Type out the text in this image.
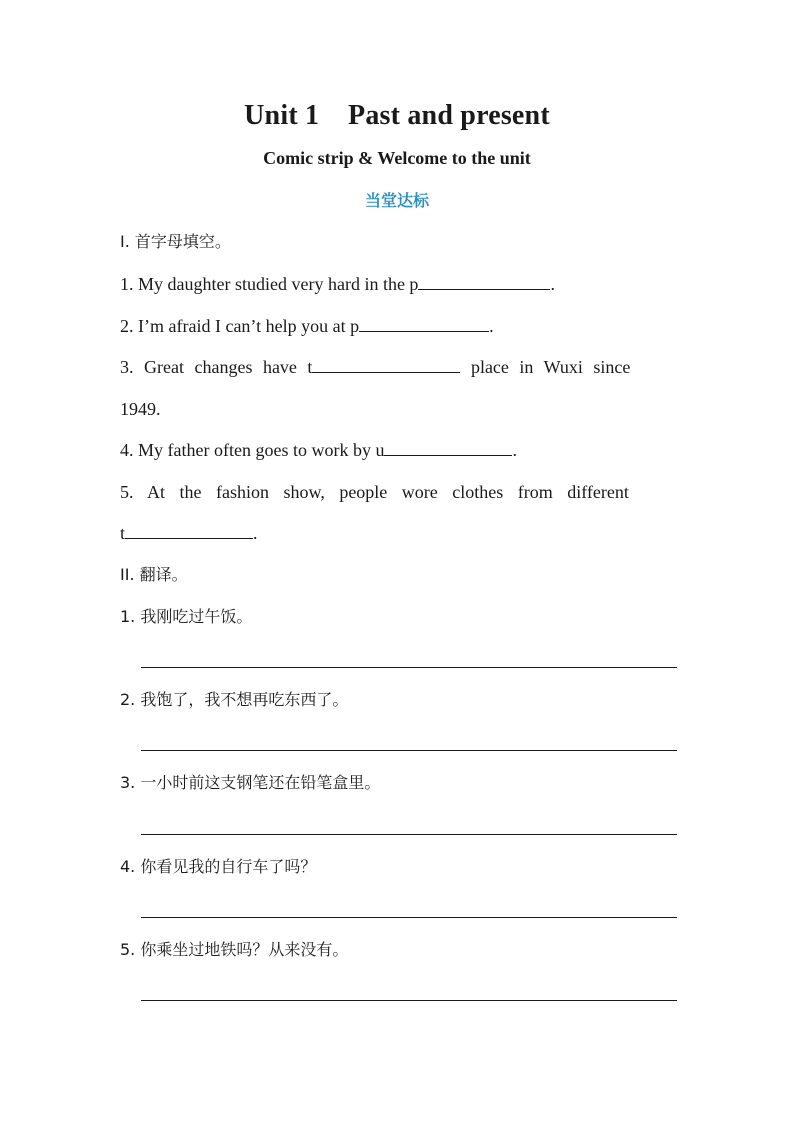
Unit 1    Past and present
Comic strip & Welcome to the unit
当堂达标
I. 首字母填空。
1. My daughter studied very hard in the p	.
2. I’m afraid I can’t help you at p	.
3. Great changes have t	place in Wuxi since
1949.
4. My father often goes to work by u	.
5. At the fashion show, people wore clothes from different
t	.
II. 翻译。
1. 我刚吃过午饭。
2. 我饱了，我不想再吃东西了。
3. 一小时前这支钢笔还在铅笔盒里。
4. 你看见我的自行车了吗？
5. 你乘坐过地铁吗？从来没有。
